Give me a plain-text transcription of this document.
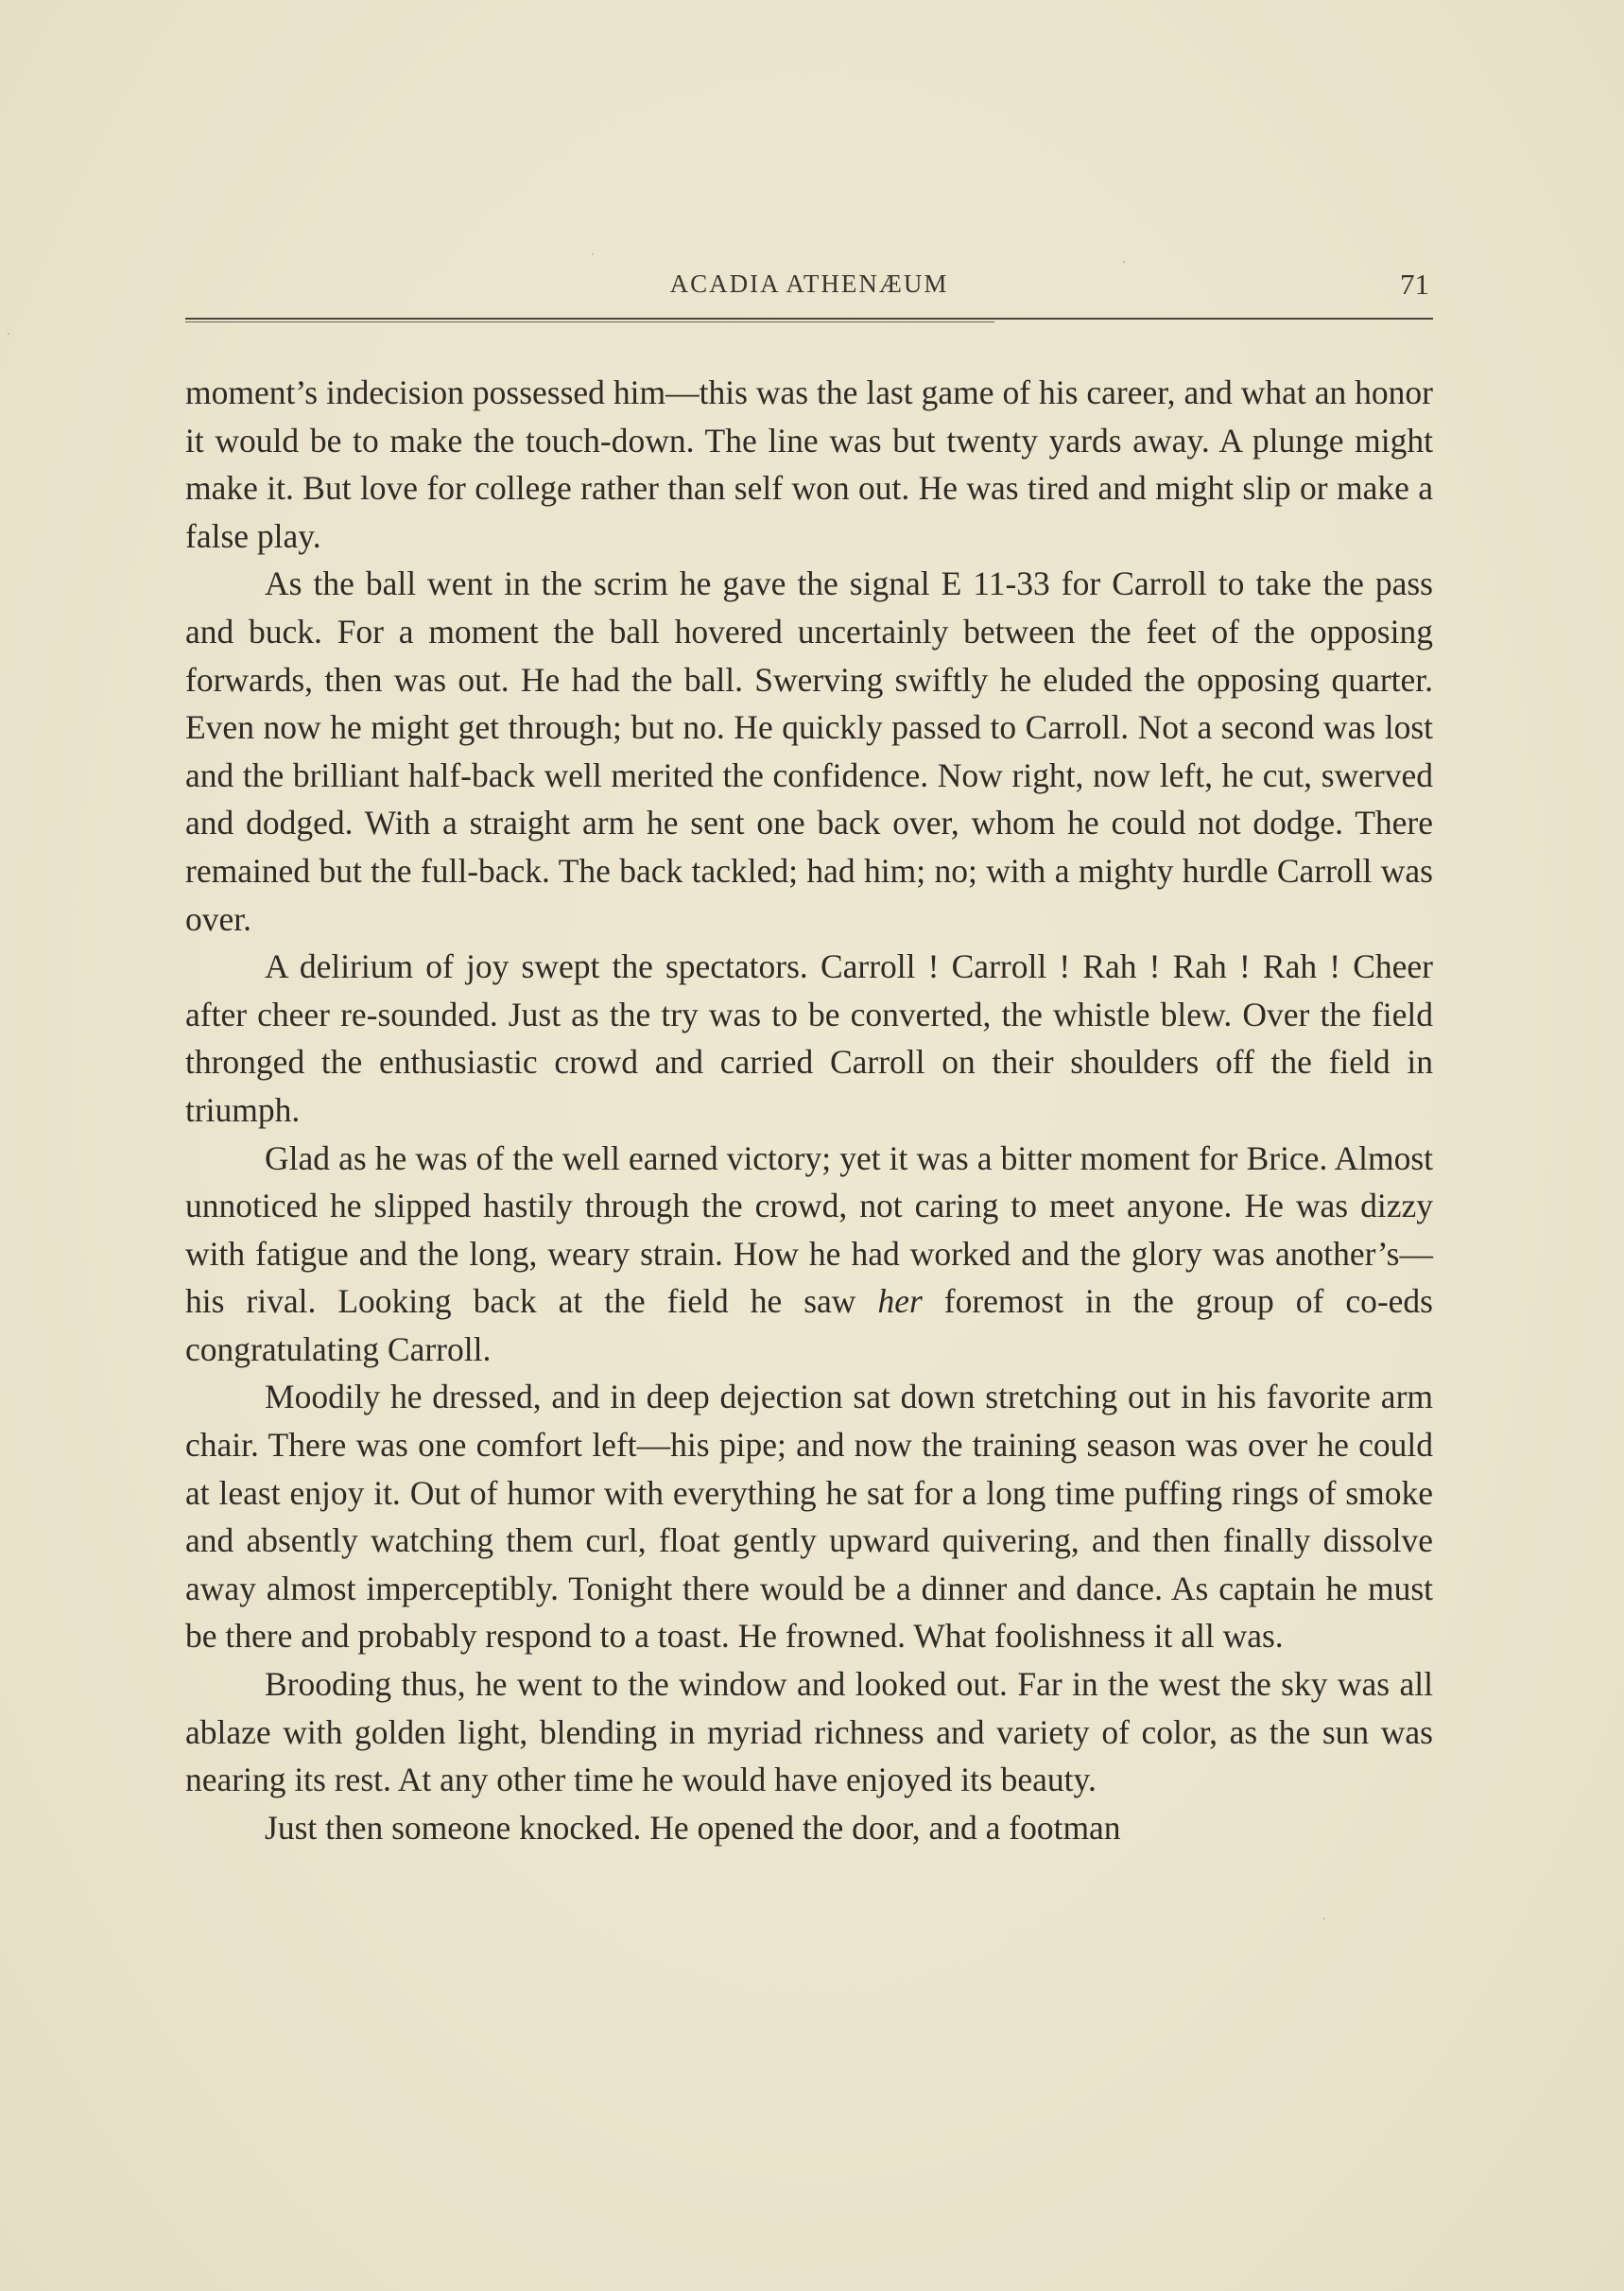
ACADIA ATHENÆUM	71

moment’s indecision possessed him—this was the last game of his career, and what an honor it would be to make the touch-down. The line was but twenty yards away. A plunge might make it. But love for college rather than self won out. He was tired and might slip or make a false play.

As the ball went in the scrim he gave the signal E 11-33 for Carroll to take the pass and buck. For a moment the ball hovered uncertainly between the feet of the opposing forwards, then was out. He had the ball. Swerving swiftly he eluded the opposing quarter. Even now he might get through; but no. He quickly passed to Carroll. Not a second was lost and the brilliant half-back well merited the confidence. Now right, now left, he cut, swerved and dodged. With a straight arm he sent one back over, whom he could not dodge. There remained but the full-back. The back tackled; had him; no; with a mighty hurdle Carroll was over.

A delirium of joy swept the spectators. Carroll ! Carroll ! Rah ! Rah ! Rah ! Cheer after cheer re-sounded. Just as the try was to be converted, the whistle blew. Over the field thronged the enthusiastic crowd and carried Carroll on their shoulders off the field in triumph.

Glad as he was of the well earned victory; yet it was a bitter moment for Brice. Almost unnoticed he slipped hastily through the crowd, not caring to meet anyone. He was dizzy with fatigue and the long, weary strain. How he had worked and the glory was another’s—his rival. Looking back at the field he saw her foremost in the group of co-eds congratulating Carroll.

Moodily he dressed, and in deep dejection sat down stretching out in his favorite arm chair. There was one comfort left—his pipe; and now the training season was over he could at least enjoy it. Out of humor with everything he sat for a long time puffing rings of smoke and absently watching them curl, float gently upward quivering, and then finally dissolve away almost imperceptibly. Tonight there would be a dinner and dance. As captain he must be there and probably respond to a toast. He frowned. What foolishness it all was.

Brooding thus, he went to the window and looked out. Far in the west the sky was all ablaze with golden light, blending in myriad richness and variety of color, as the sun was nearing its rest. At any other time he would have enjoyed its beauty.

Just then someone knocked. He opened the door, and a footman
